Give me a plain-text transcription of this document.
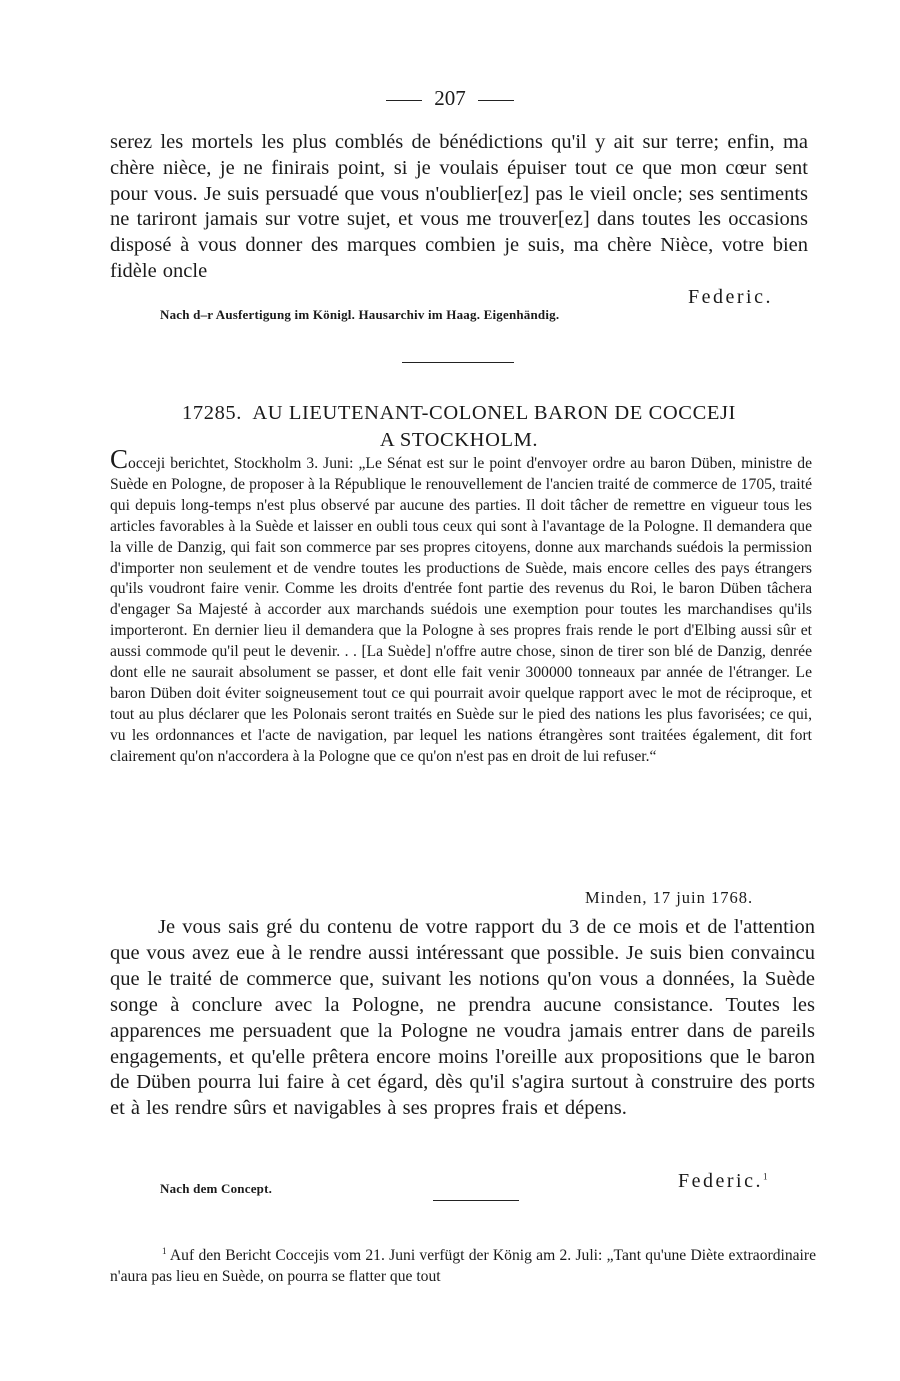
207
serez les mortels les plus comblés de bénédictions qu'il y ait sur terre; enfin, ma chère nièce, je ne finirais point, si je voulais épuiser tout ce que mon cœur sent pour vous. Je suis persuadé que vous n'oublier[ez] pas le vieil oncle; ses sentiments ne tariront jamais sur votre sujet, et vous me trouver[ez] dans toutes les occasions disposé à vous donner des marques combien je suis, ma chère Nièce, votre bien fidèle oncle
Federic.
Nach d–r Ausfertigung im Königl. Hausarchiv im Haag. Eigenhändig.
17285. AU LIEUTENANT-COLONEL BARON DE COCCEJI
A STOCKHOLM.
Cocceji berichtet, Stockholm 3. Juni: „Le Sénat est sur le point d'envoyer ordre au baron Düben, ministre de Suède en Pologne, de proposer à la République le renouvellement de l'ancien traité de commerce de 1705, traité qui depuis long-temps n'est plus observé par aucune des parties. Il doit tâcher de remettre en vigueur tous les articles favorables à la Suède et laisser en oubli tous ceux qui sont à l'avantage de la Pologne. Il demandera que la ville de Danzig, qui fait son commerce par ses propres citoyens, donne aux marchands suédois la permission d'importer non seulement et de vendre toutes les productions de Suède, mais encore celles des pays étrangers qu'ils voudront faire venir. Comme les droits d'entrée font partie des revenus du Roi, le baron Düben tâchera d'engager Sa Majesté à accorder aux marchands suédois une exemption pour toutes les marchandises qu'ils importeront. En dernier lieu il demandera que la Pologne à ses propres frais rende le port d'Elbing aussi sûr et aussi commode qu'il peut le devenir. . . [La Suède] n'offre autre chose, sinon de tirer son blé de Danzig, denrée dont elle ne saurait absolument se passer, et dont elle fait venir 300000 tonneaux par année de l'étranger. Le baron Düben doit éviter soigneusement tout ce qui pourrait avoir quelque rapport avec le mot de réciproque, et tout au plus déclarer que les Polonais seront traités en Suède sur le pied des nations les plus favorisées; ce qui, vu les ordonnances et l'acte de navigation, par lequel les nations étrangères sont traitées également, dit fort clairement qu'on n'accordera à la Pologne que ce qu'on n'est pas en droit de lui refuser.“
Minden, 17 juin 1768.
Je vous sais gré du contenu de votre rapport du 3 de ce mois et de l'attention que vous avez eue à le rendre aussi intéressant que possible. Je suis bien convaincu que le traité de commerce que, suivant les notions qu'on vous a données, la Suède songe à conclure avec la Pologne, ne prendra aucune consistance. Toutes les apparences me persuadent que la Pologne ne voudra jamais entrer dans de pareils engagements, et qu'elle prêtera encore moins l'oreille aux propositions que le baron de Düben pourra lui faire à cet égard, dès qu'il s'agira surtout à construire des ports et à les rendre sûrs et navigables à ses propres frais et dépens.
Nach dem Concept.	Federic.$^1$
$^1$ Auf den Bericht Coccejis vom 21. Juni verfügt der König am 2. Juli: „Tant qu'une Diète extraordinaire n'aura pas lieu en Suède, on pourra se flatter que tout
